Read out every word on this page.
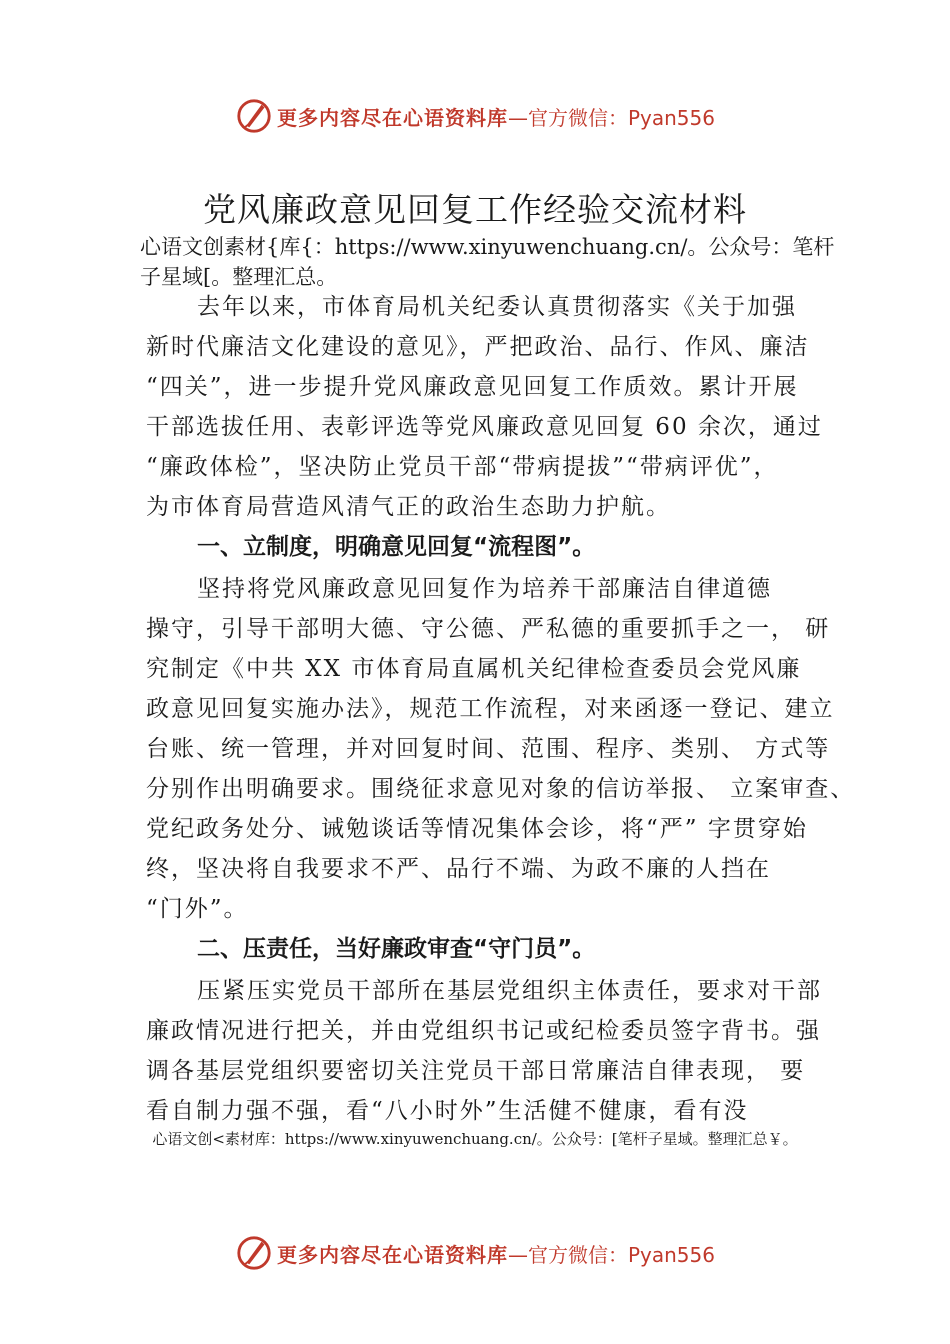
更多内容尽在心语资料库 —官方微信：Pyan556
党风廉政意见回复工作经验交流材料
心语文创素材{库{：https://www.xinyuwenchuang.cn/。公众号：笔杆子星域[。整理汇总。
去年以来，市体育局机关纪委认真贯彻落实《关于加强
新时代廉洁文化建设的意见》，严把政治、品行、作风、廉洁
“四关”，进一步提升党风廉政意见回复工作质效。累计开展
干部选拔任用、表彰评选等党风廉政意见回复 60 余次，通过
“廉政体检”，坚决防止党员干部“带病提拔”“带病评优”，
为市体育局营造风清气正的政治生态助力护航。
一、立制度，明确意见回复“流程图”。
坚持将党风廉政意见回复作为培养干部廉洁自律道德
操守，引导干部明大德、守公德、严私德的重要抓手之一， 研
究制定《中共 XX 市体育局直属机关纪律检查委员会党风廉
政意见回复实施办法》，规范工作流程，对来函逐一登记、建立
台账、统一管理，并对回复时间、范围、程序、类别、 方式等
分别作出明确要求。围绕征求意见对象的信访举报、 立案审查、
党纪政务处分、诫勉谈话等情况集体会诊，将“严” 字贯穿始
终，坚决将自我要求不严、品行不端、为政不廉的人挡在
“门外”。
二、压责任，当好廉政审查“守门员”。
压紧压实党员干部所在基层党组织主体责任，要求对干部
廉政情况进行把关，并由党组织书记或纪检委员签字背书。强
调各基层党组织要密切关注党员干部日常廉洁自律表现， 要
看自制力强不强，看“八小时外”生活健不健康，看有没
心语文创<素材库：https://www.xinyuwenchuang.cn/。公众号：[笔杆子星域。整理汇总￥。
更多内容尽在心语资料库 —官方微信：Pyan556
